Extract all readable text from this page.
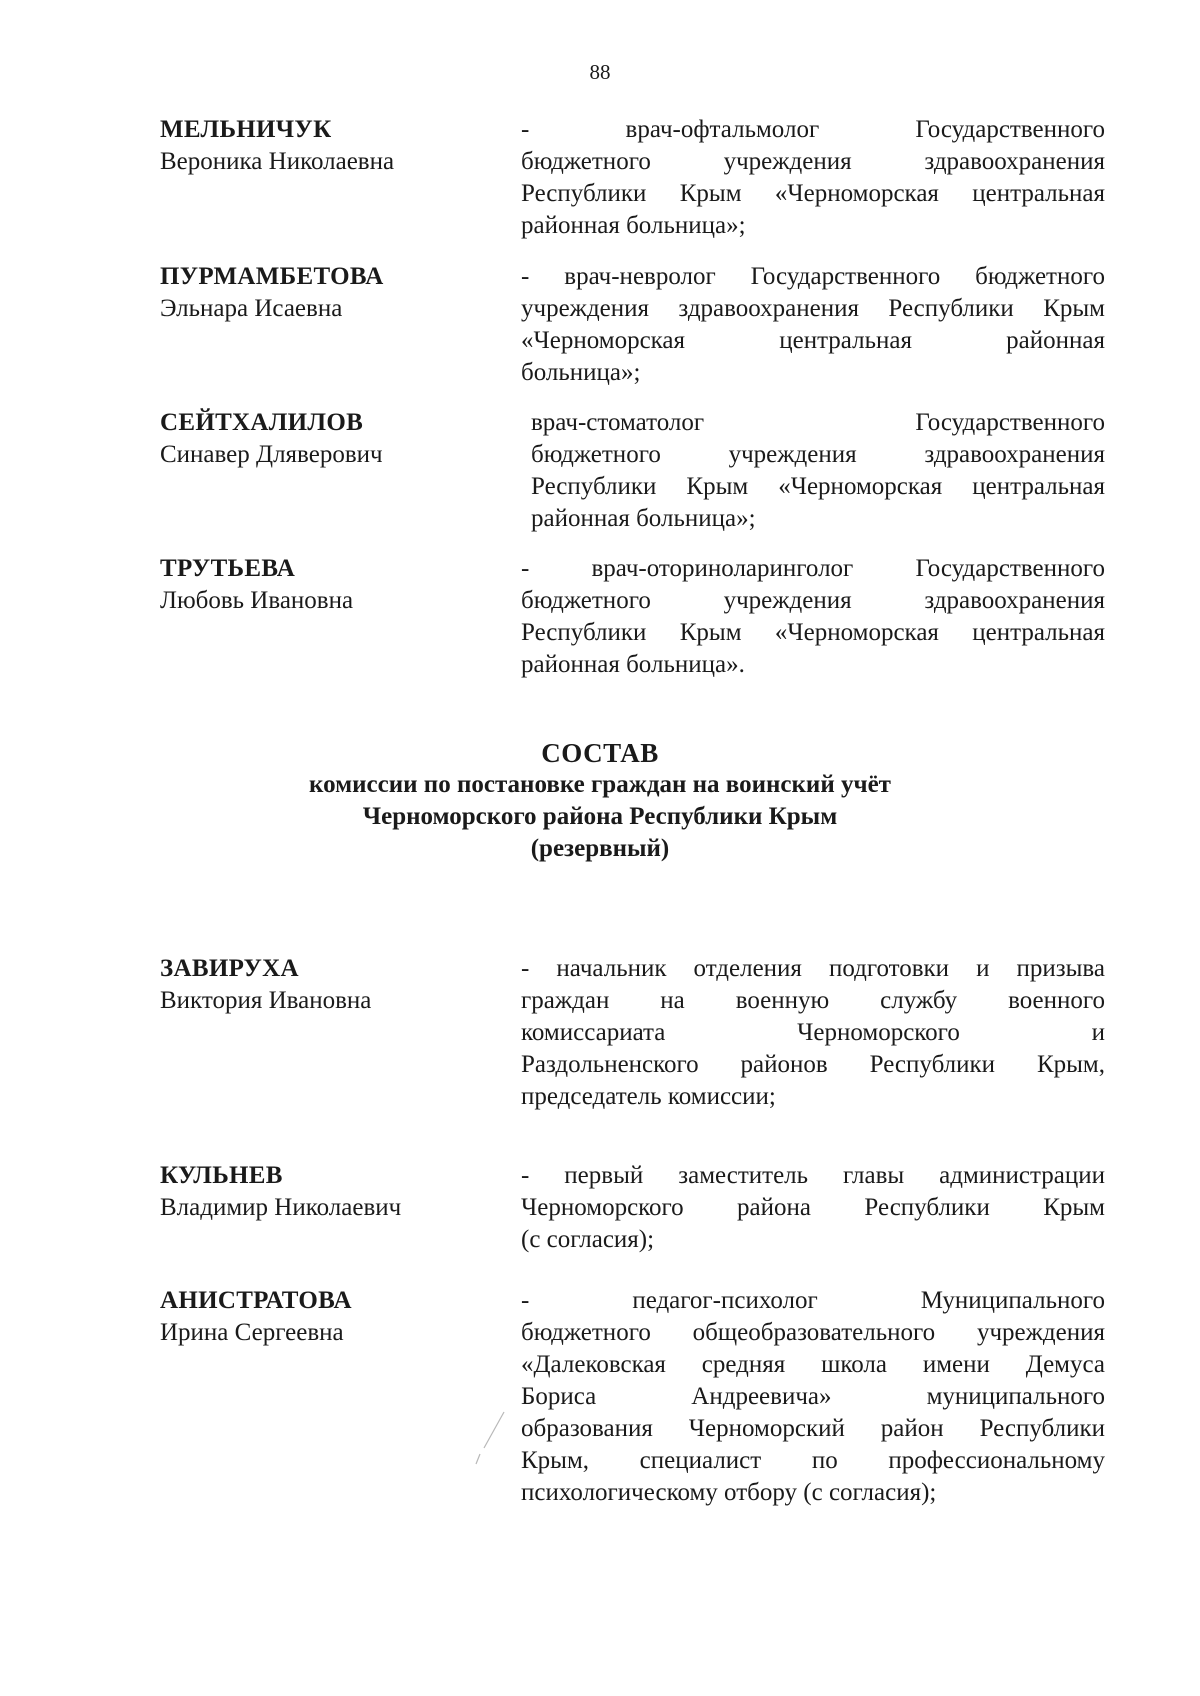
88
МЕЛЬНИЧУК
Вероника Николаевна
- врач-офтальмолог Государственного
бюджетного учреждения здравоохранения
Республики Крым «Черноморская центральная
районная больница»;
ПУРМАМБЕТОВА
Эльнара Исаевна
- врач-невролог Государственного бюджетного
учреждения здравоохранения Республики Крым
«Черноморская центральная районная
больница»;
СЕЙТХАЛИЛОВ
Синавер Дляверович
врач-стоматолог Государственного
бюджетного учреждения здравоохранения
Республики Крым «Черноморская центральная
районная больница»;
ТРУТЬЕВА
Любовь Ивановна
- врач-оториноларинголог Государственного
бюджетного учреждения здравоохранения
Республики Крым «Черноморская центральная
районная больница».
СОСТАВ
комиссии по постановке граждан на воинский учёт
Черноморского района Республики Крым
(резервный)
ЗАВИРУХА
Виктория Ивановна
- начальник отделения подготовки и призыва
граждан на военную службу военного
комиссариата Черноморского и
Раздольненского районов Республики Крым,
председатель комиссии;
КУЛЬНЕВ
Владимир Николаевич
- первый заместитель главы администрации
Черноморского района Республики Крым
(с согласия);
АНИСТРАТОВА
Ирина Сергеевна
- педагог-психолог Муниципального
бюджетного общеобразовательного учреждения
«Далековская средняя школа имени Демуса
Бориса Андреевича» муниципального
образования Черноморский район Республики
Крым, специалист по профессиональному
психологическому отбору (с согласия);
